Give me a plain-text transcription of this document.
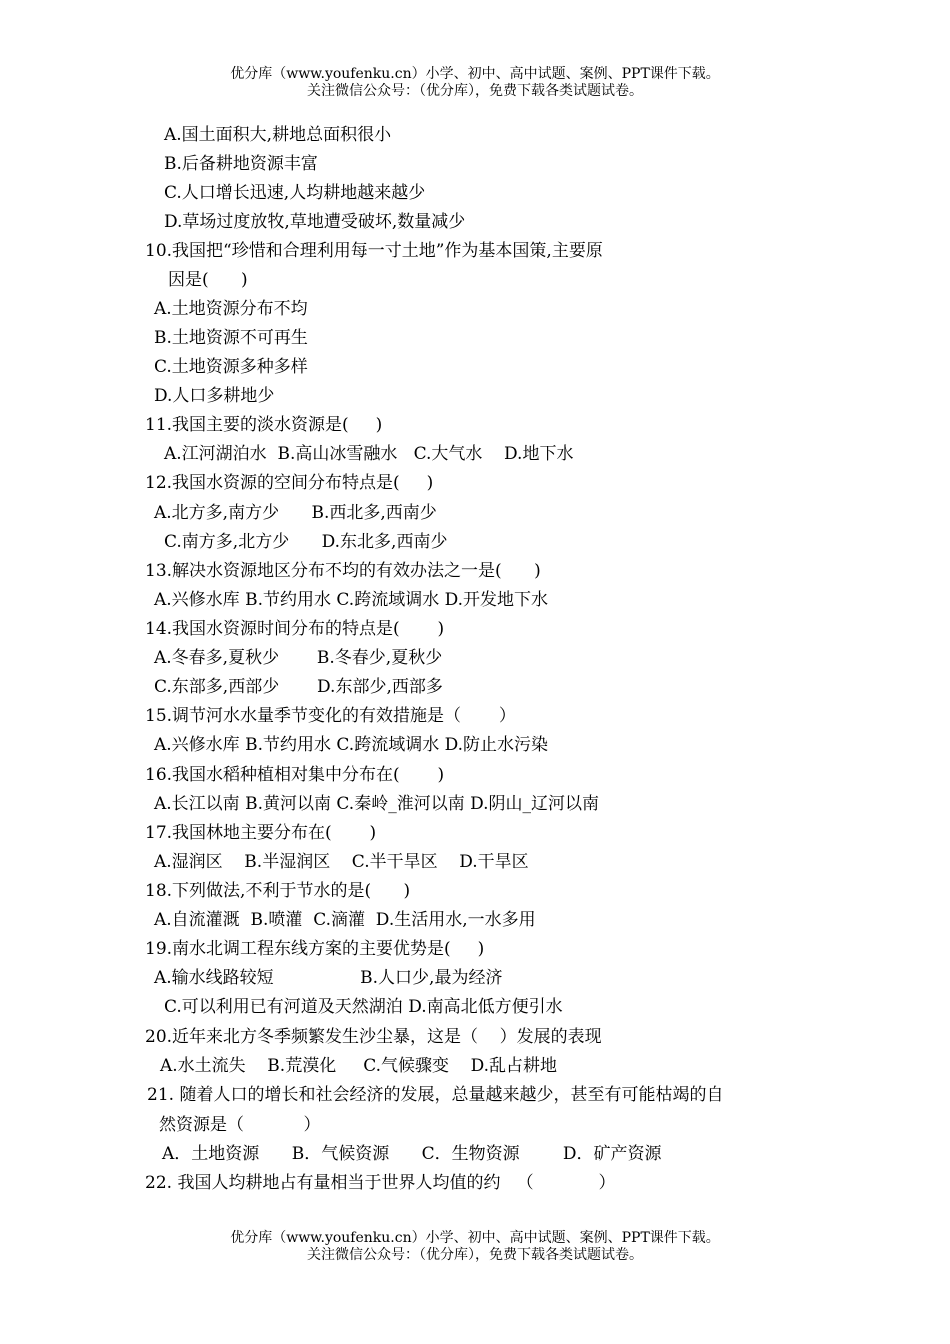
优分库（www.youfenku.cn）小学、初中、高中试题、案例、PPT课件下载。
关注微信公众号：（优分库），免费下载各类试题试卷。
A.国土面积大,耕地总面积很小
B.后备耕地资源丰富
C.人口增长迅速,人均耕地越来越少
D.草场过度放牧,草地遭受破坏,数量减少
10.我国把“珍惜和合理利用每一寸土地”作为基本国策,主要原
因是(      )
A.土地资源分布不均
B.土地资源不可再生
C.土地资源多种多样
D.人口多耕地少
11.我国主要的淡水资源是(     )
A.江河湖泊水  B.高山冰雪融水   C.大气水    D.地下水
12.我国水资源的空间分布特点是(     )
A.北方多,南方少      B.西北多,西南少
C.南方多,北方少      D.东北多,西南少
13.解决水资源地区分布不均的有效办法之一是(      )
A.兴修水库 B.节约用水 C.跨流域调水 D.开发地下水
14.我国水资源时间分布的特点是(       )
A.冬春多,夏秋少       B.冬春少,夏秋少
C.东部多,西部少       D.东部少,西部多
15.调节河水水量季节变化的有效措施是（       ）
A.兴修水库 B.节约用水 C.跨流域调水 D.防止水污染
16.我国水稻种植相对集中分布在(       )
A.长江以南 B.黄河以南 C.秦岭_淮河以南 D.阴山_辽河以南
17.我国林地主要分布在(       )
A.湿润区    B.半湿润区    C.半干旱区    D.干旱区
18.下列做法,不利于节水的是(      )
A.自流灌溉  B.喷灌  C.滴灌  D.生活用水,一水多用
19.南水北调工程东线方案的主要优势是(     )
A.输水线路较短                B.人口少,最为经济
C.可以利用已有河道及天然湖泊 D.南高北低方便引水
20.近年来北方冬季频繁发生沙尘暴，这是（    ）发展的表现
A.水土流失    B.荒漠化     C.气候骤变    D.乱占耕地
21. 随着人口的增长和社会经济的发展，总量越来越少，甚至有可能枯竭的自
然资源是（           ）
A．土地资源      B．气候资源      C．生物资源        D．矿产资源
22. 我国人均耕地占有量相当于世界人均值的约   （            ）
优分库（www.youfenku.cn）小学、初中、高中试题、案例、PPT课件下载。
关注微信公众号：（优分库），免费下载各类试题试卷。
